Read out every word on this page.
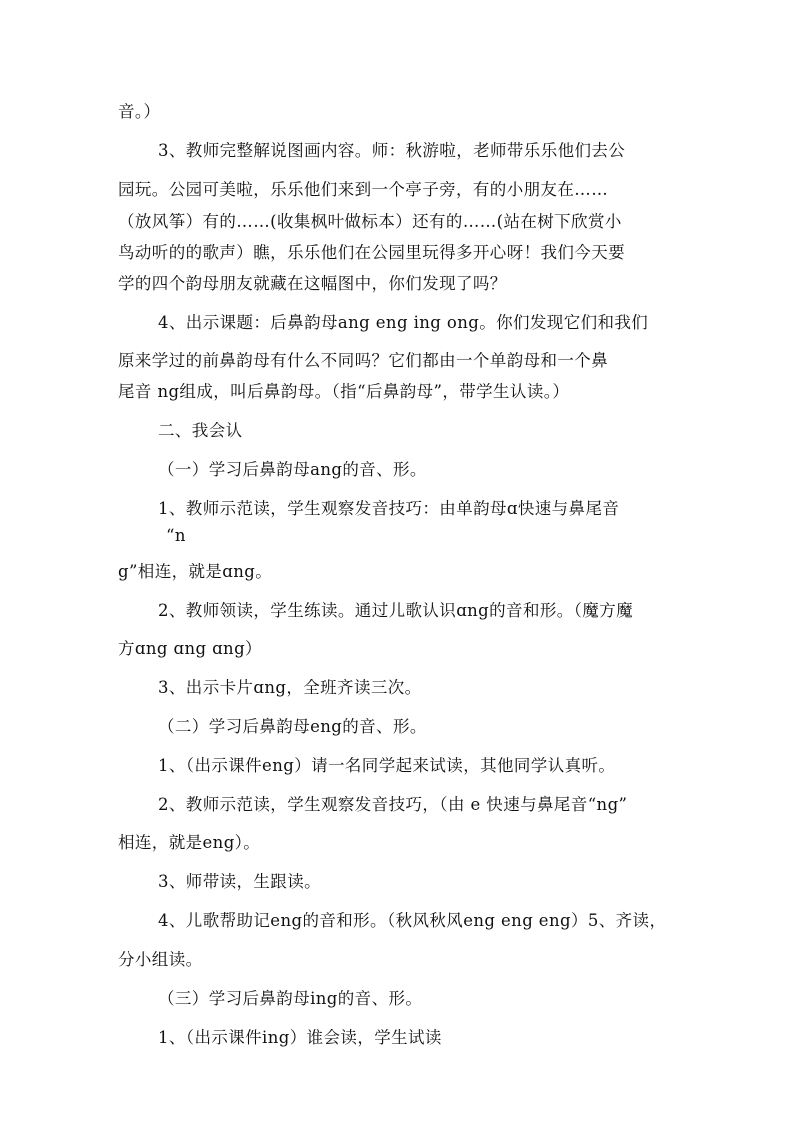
音。）
3、教师完整解说图画内容。师：秋游啦，老师带乐乐他们去公
园玩。公园可美啦，乐乐他们来到一个亭子旁，有的小朋友在……
（放风筝）有的……(收集枫叶做标本）还有的……(站在树下欣赏小
鸟动听的的歌声）瞧，乐乐他们在公园里玩得多开心呀！我们今天要
学的四个韵母朋友就藏在这幅图中，你们发现了吗？
4、出示课题：后鼻韵母ang eng ing ong。你们发现它们和我们
原来学过的前鼻韵母有什么不同吗？它们都由一个单韵母和一个鼻
尾音 ng组成，叫后鼻韵母。（指“后鼻韵母”，带学生认读。）
二、我会认
（一）学习后鼻韵母ang的音、形。
1、教师示范读，学生观察发音技巧：由单韵母ɑ快速与鼻尾音
“n
g”相连，就是ɑng。
2、教师领读，学生练读。通过儿歌认识ɑng的音和形。（魔方魔
方ɑng ɑng ɑng）
3、出示卡片ɑng，全班齐读三次。
（二）学习后鼻韵母eng的音、形。
1、（出示课件eng）请一名同学起来试读，其他同学认真听。
2、教师示范读，学生观察发音技巧，（由 e 快速与鼻尾音“ng”
相连，就是eng）。
3、师带读，生跟读。
4、儿歌帮助记eng的音和形。（秋风秋风eng eng eng）5、齐读，
分小组读。
（三）学习后鼻韵母ing的音、形。
1、（出示课件ing）谁会读，学生试读
